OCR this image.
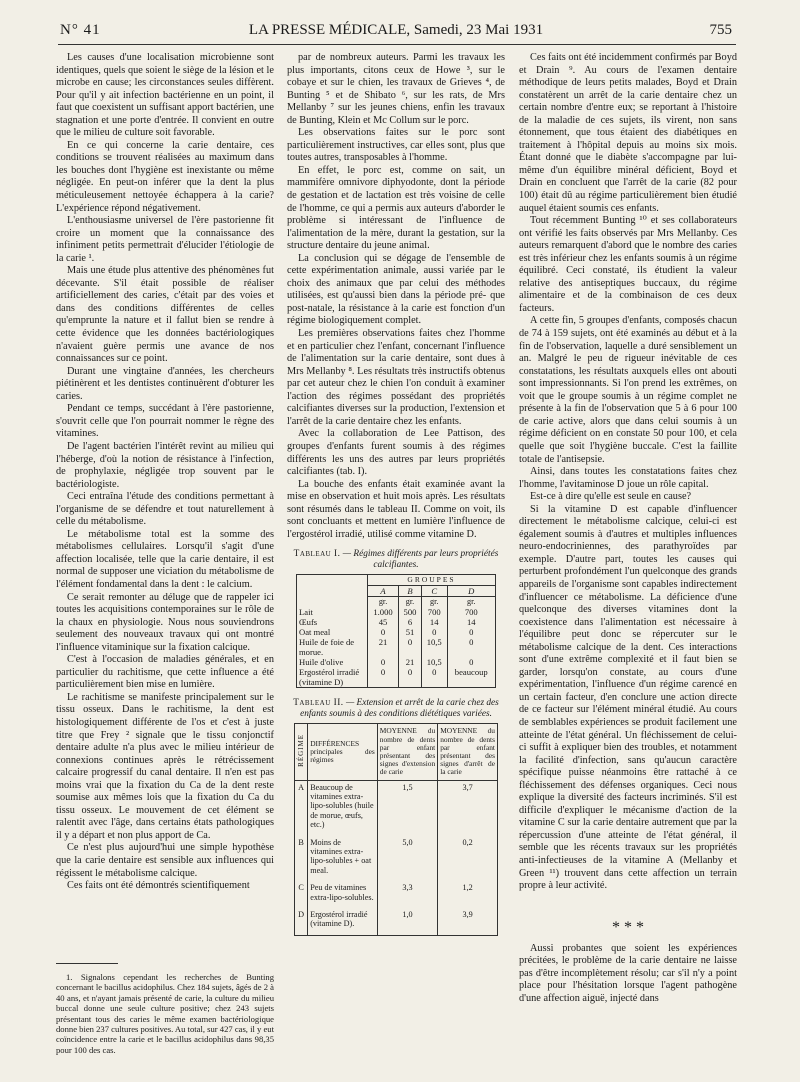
N° 41	LA PRESSE MÉDICALE, Samedi, 23 Mai 1931	755

Les causes d'une localisation microbienne sont identiques, quels que soient le siège de la lésion et le microbe en cause; les circonstances seules diffèrent. Pour qu'il y ait infection bactérienne en un point, il faut que coexistent un suffisant apport bactérien, une stagnation et une porte d'entrée. Il convient en outre que le milieu de culture soit favorable.

En ce qui concerne la carie dentaire, ces conditions se trouvent réalisées au maximum dans les bouches dont l'hygiène est inexistante ou même négligée. En peut-on inférer que la dent la plus méticuleusement nettoyée échappera à la carie? L'expérience répond négativement.

L'enthousiasme universel de l'ère pastorienne fit croire un moment que la connaissance des infiniment petits permettrait d'élucider l'étiologie de la carie ¹.

Mais une étude plus attentive des phénomènes fut décevante. S'il était possible de réaliser artificiellement des caries, c'était par des voies et dans des conditions différentes de celles qu'emprunte la nature et il fallut bien se rendre à cette évidence que les données bactériologiques n'avaient guère permis une avance de nos connaissances sur ce point.

Durant une vingtaine d'années, les chercheurs piétinèrent et les dentistes continuèrent d'obturer les caries.

Pendant ce temps, succédant à l'ère pastorienne, s'ouvrit celle que l'on pourrait nommer le règne des vitamines.

De l'agent bactérien l'intérêt revint au milieu qui l'héberge, d'où la notion de résistance à l'infection, de prophylaxie, négligée trop souvent par le bactériologiste.

Ceci entraîna l'étude des conditions permettant à l'organisme de se défendre et tout naturellement à celle du métabolisme.

Le métabolisme total est la somme des métabolismes cellulaires. Lorsqu'il s'agit d'une affection localisée, telle que la carie dentaire, il est normal de supposer une viciation du métabolisme de l'élément fondamental dans la dent : le calcium.

Ce serait remonter au déluge que de rappeler ici toutes les acquisitions contemporaines sur le rôle de la chaux en physiologie. Nous nous souviendrons seulement des nouveaux travaux qui ont montré l'influence vitaminique sur la fixation calcique.

C'est à l'occasion de maladies générales, et en particulier du rachitisme, que cette influence a été particulièrement bien mise en lumière.

Le rachitisme se manifeste principalement sur le tissu osseux. Dans le rachitisme, la dent est histologiquement différente de l'os et c'est à juste titre que Frey ² signale que le tissu conjonctif dentaire adulte n'a plus avec le milieu intérieur de connexions continues après le rétrécissement calcaire progressif du canal dentaire. Il n'en est pas moins vrai que la fixation du Ca de la dent reste soumise aux mêmes lois que la fixation du Ca du tissu osseux. Le mouvement de cet élément se ralentit avec l'âge, dans certains états pathologiques il y a départ et non plus apport de Ca.

Ce n'est plus aujourd'hui une simple hypothèse que la carie dentaire est sensible aux influences qui régissent le métabolisme calcique.

Ces faits ont été démontrés scientifiquement

1. Signalons cependant les recherches de Bunting concernant le bacillus acidophilus. Chez 184 sujets, âgés de 2 à 40 ans, et n'ayant jamais présenté de carie, la culture du milieu buccal donne une seule culture positive; chez 243 sujets présentant tous des caries le même examen bactériologique donne bien 237 cultures positives. Au total, sur 427 cas, il y eut coïncidence entre la carie et le bacillus acidophilus dans 98,35 pour 100 des cas.

par de nombreux auteurs. Parmi les travaux les plus importants, citons ceux de Howe ³, sur le cobaye et sur le chien, les travaux de Grieves ⁴, de Bunting ⁵ et de Shibato ⁶, sur les rats, de Mrs Mellanby ⁷ sur les jeunes chiens, enfin les travaux de Bunting, Klein et Mc Collum sur le porc.

Les observations faites sur le porc sont particulièrement instructives, car elles sont, plus que toutes autres, transposables à l'homme.

En effet, le porc est, comme on sait, un mammifère omnivore diphyodonte, dont la période de gestation et de lactation est très voisine de celle de l'homme, ce qui a permis aux auteurs d'aborder le problème si intéressant de l'influence de l'alimentation de la mère, durant la gestation, sur la structure dentaire du jeune animal.

La conclusion qui se dégage de l'ensemble de cette expérimentation animale, aussi variée par le choix des animaux que par celui des méthodes utilisées, est qu'aussi bien dans la période pré- que post-natale, la résistance à la carie est fonction d'un régime biologiquement complet.

Les premières observations faites chez l'homme et en particulier chez l'enfant, concernant l'influence de l'alimentation sur la carie dentaire, sont dues à Mrs Mellanby ⁸. Les résultats très instructifs obtenus par cet auteur chez le chien l'on conduit à examiner l'action des régimes possédant des propriétés calcifiantes diverses sur la production, l'extension et l'arrêt de la carie dentaire chez les enfants.

Avec la collaboration de Lee Pattison, des groupes d'enfants furent soumis à des régimes différents les uns des autres par leurs propriétés calcifiantes (tab. I).

La bouche des enfants était examinée avant la mise en observation et huit mois après. Les résultats sont résumés dans le tableau II. Comme on voit, ils sont concluants et mettent en lumière l'influence de l'ergostérol irradié, utilisé comme vitamine D.

Tableau I. — Régimes différents par leurs propriétés calcifiantes.
	GROUPES			
	A	B	C	D
	gr.	gr.	gr.	gr.
Lait	1.000	500	700	700
Œufs	45	6	14	14
Oat meal	0	51	0	0
Huile de foie de morue.	21	0	10,5	0
Huile d'olive	0	21	10,5	0
Ergostérol irradié (vitamine D)	0	0	0	beaucoup
Tableau II. — Extension et arrêt de la carie chez des enfants soumis à des conditions diététiques variées.
RÉGIME	DIFFÉRENCES principales des régimes	MOYENNE du nombre de dents par enfant présentant des signes d'extension de carie	MOYENNE du nombre de dents par enfant présentant des signes d'arrêt de la carie
A	Beaucoup de vitamines extra-lipo-solubles (huile de morue, œufs, etc.)	1,5	3,7
B	Moins de vitamines extra-lipo-solubles + oat meal.	5,0	0,2
C	Peu de vitamines extra-lipo-solubles.	3,3	1,2
D	Ergostérol irradié (vitamine D).	1,0	3,9

Ces faits ont été incidemment confirmés par Boyd et Drain ⁹. Au cours de l'examen dentaire méthodique de leurs petits malades, Boyd et Drain constatèrent un arrêt de la carie dentaire chez un certain nombre d'entre eux; se reportant à l'histoire de la maladie de ces sujets, ils virent, non sans étonnement, que tous étaient des diabétiques en traitement à l'hôpital depuis au moins six mois. Étant donné que le diabète s'accompagne par lui-même d'un équilibre minéral déficient, Boyd et Drain en concluent que l'arrêt de la carie (82 pour 100) était dû au régime particulièrement bien étudié auquel étaient soumis ces enfants.

Tout récemment Bunting ¹⁰ et ses collaborateurs ont vérifié les faits observés par Mrs Mellanby. Ces auteurs remarquent d'abord que le nombre des caries est très inférieur chez les enfants soumis à un régime équilibré. Ceci constaté, ils étudient la valeur relative des antiseptiques buccaux, du régime alimentaire et de la combinaison de ces deux facteurs.

A cette fin, 5 groupes d'enfants, composés chacun de 74 à 159 sujets, ont été examinés au début et à la fin de l'observation, laquelle a duré sensiblement un an. Malgré le peu de rigueur inévitable de ces constatations, les résultats auxquels elles ont abouti sont impressionnants. Si l'on prend les extrêmes, on voit que le groupe soumis à un régime complet ne présente à la fin de l'observation que 5 à 6 pour 100 de carie active, alors que dans celui soumis à un régime déficient on en constate 50 pour 100, et cela quelle que soit l'hygiène buccale. C'est la faillite totale de l'antisepsie.

Ainsi, dans toutes les constatations faites chez l'homme, l'avitaminose D joue un rôle capital.

Est-ce à dire qu'elle est seule en cause?

Si la vitamine D est capable d'influencer directement le métabolisme calcique, celui-ci est également soumis à d'autres et multiples influences neuro-endocriniennes, des parathyroïdes par exemple. D'autre part, toutes les causes qui perturbent profondément l'un quelconque des grands appareils de l'organisme sont capables indirectement d'influencer ce métabolisme. La déficience d'une quelconque des diverses vitamines dont la coexistence dans l'alimentation est nécessaire à l'équilibre peut donc se répercuter sur le métabolisme calcique de la dent. Ces interactions sont d'une extrême complexité et il faut bien se garder, lorsqu'on constate, au cours d'une expérimentation, l'influence d'un régime carencé en un certain facteur, d'en conclure une action directe de ce facteur sur l'élément minéral étudié. Au cours de semblables expériences se produit facilement une atteinte de l'état général. Un fléchissement de celui-ci suffit à expliquer bien des troubles, et notamment la facilité d'infection, sans qu'aucun caractère spécifique puisse néanmoins être rattaché à ce fléchissement des défenses organiques. Ceci nous explique la diversité des facteurs incriminés. S'il est difficile d'expliquer le mécanisme d'action de la vitamine C sur la carie dentaire autrement que par la répercussion d'une atteinte de l'état général, il semble que les récents travaux sur les propriétés anti-infectieuses de la vitamine A (Mellanby et Green ¹¹) trouvent dans cette affection un terrain propre à leur activité.

* * *

Aussi probantes que soient les expériences précitées, le problème de la carie dentaire ne laisse pas d'être incomplètement résolu; car s'il n'y a point place pour l'hésitation lorsque l'agent pathogène d'une affection aiguë, injecté dans
